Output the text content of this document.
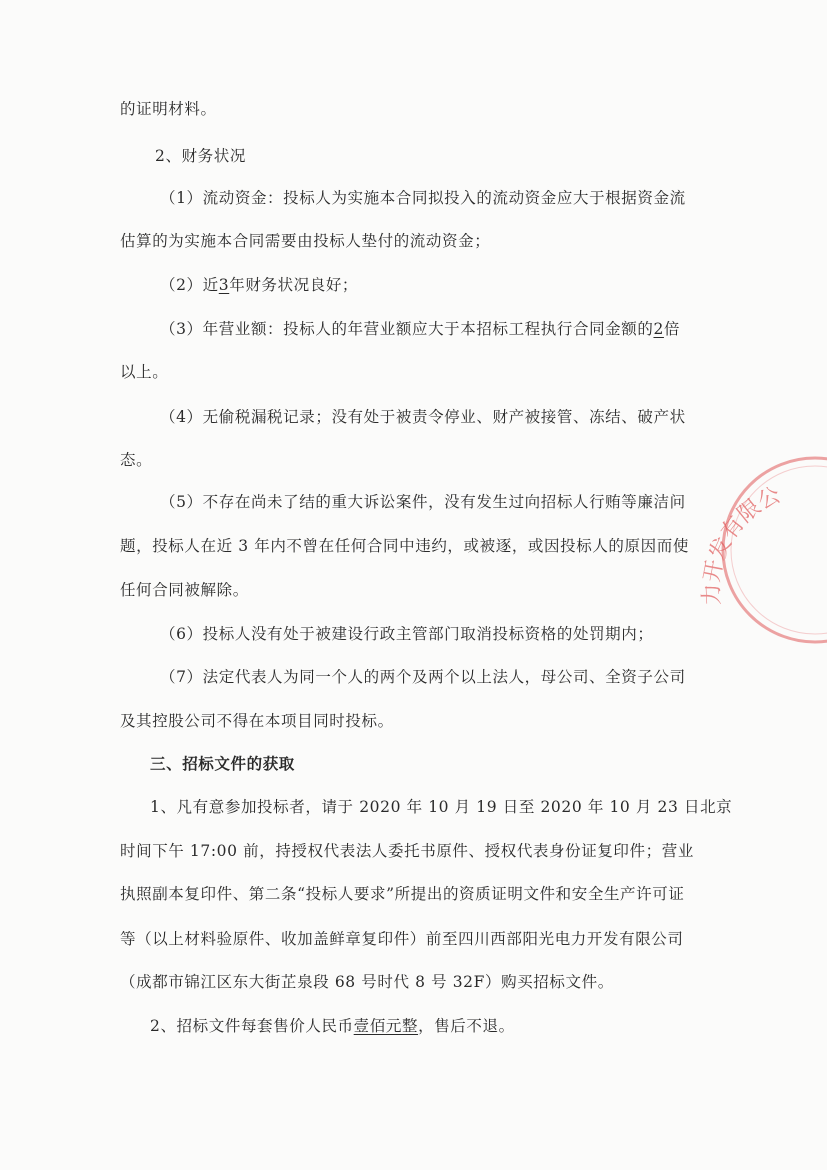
的证明材料。
2、财务状况
（1）流动资金：投标人为实施本合同拟投入的流动资金应大于根据资金流
估算的为实施本合同需要由投标人垫付的流动资金；
（2）近3年财务状况良好；
（3）年营业额：投标人的年营业额应大于本招标工程执行合同金额的2倍
以上。
（4）无偷税漏税记录；没有处于被责令停业、财产被接管、冻结、破产状
态。
（5）不存在尚未了结的重大诉讼案件，没有发生过向招标人行贿等廉洁问
题，投标人在近 3 年内不曾在任何合同中违约，或被逐，或因投标人的原因而使
任何合同被解除。
（6）投标人没有处于被建设行政主管部门取消投标资格的处罚期内；
（7）法定代表人为同一个人的两个及两个以上法人，母公司、全资子公司
及其控股公司不得在本项目同时投标。
三、招标文件的获取
1、凡有意参加投标者，请于 2020 年 10 月 19 日至 2020 年 10 月 23 日北京
时间下午 17:00 前，持授权代表法人委托书原件、授权代表身份证复印件；营业
执照副本复印件、第二条“投标人要求”所提出的资质证明文件和安全生产许可证
等（以上材料验原件、收加盖鲜章复印件）前至四川西部阳光电力开发有限公司
（成都市锦江区东大街芷泉段 68 号时代 8 号 32F）购买招标文件。
2、招标文件每套售价人民币壹佰元整，售后不退。
力开发有限公
